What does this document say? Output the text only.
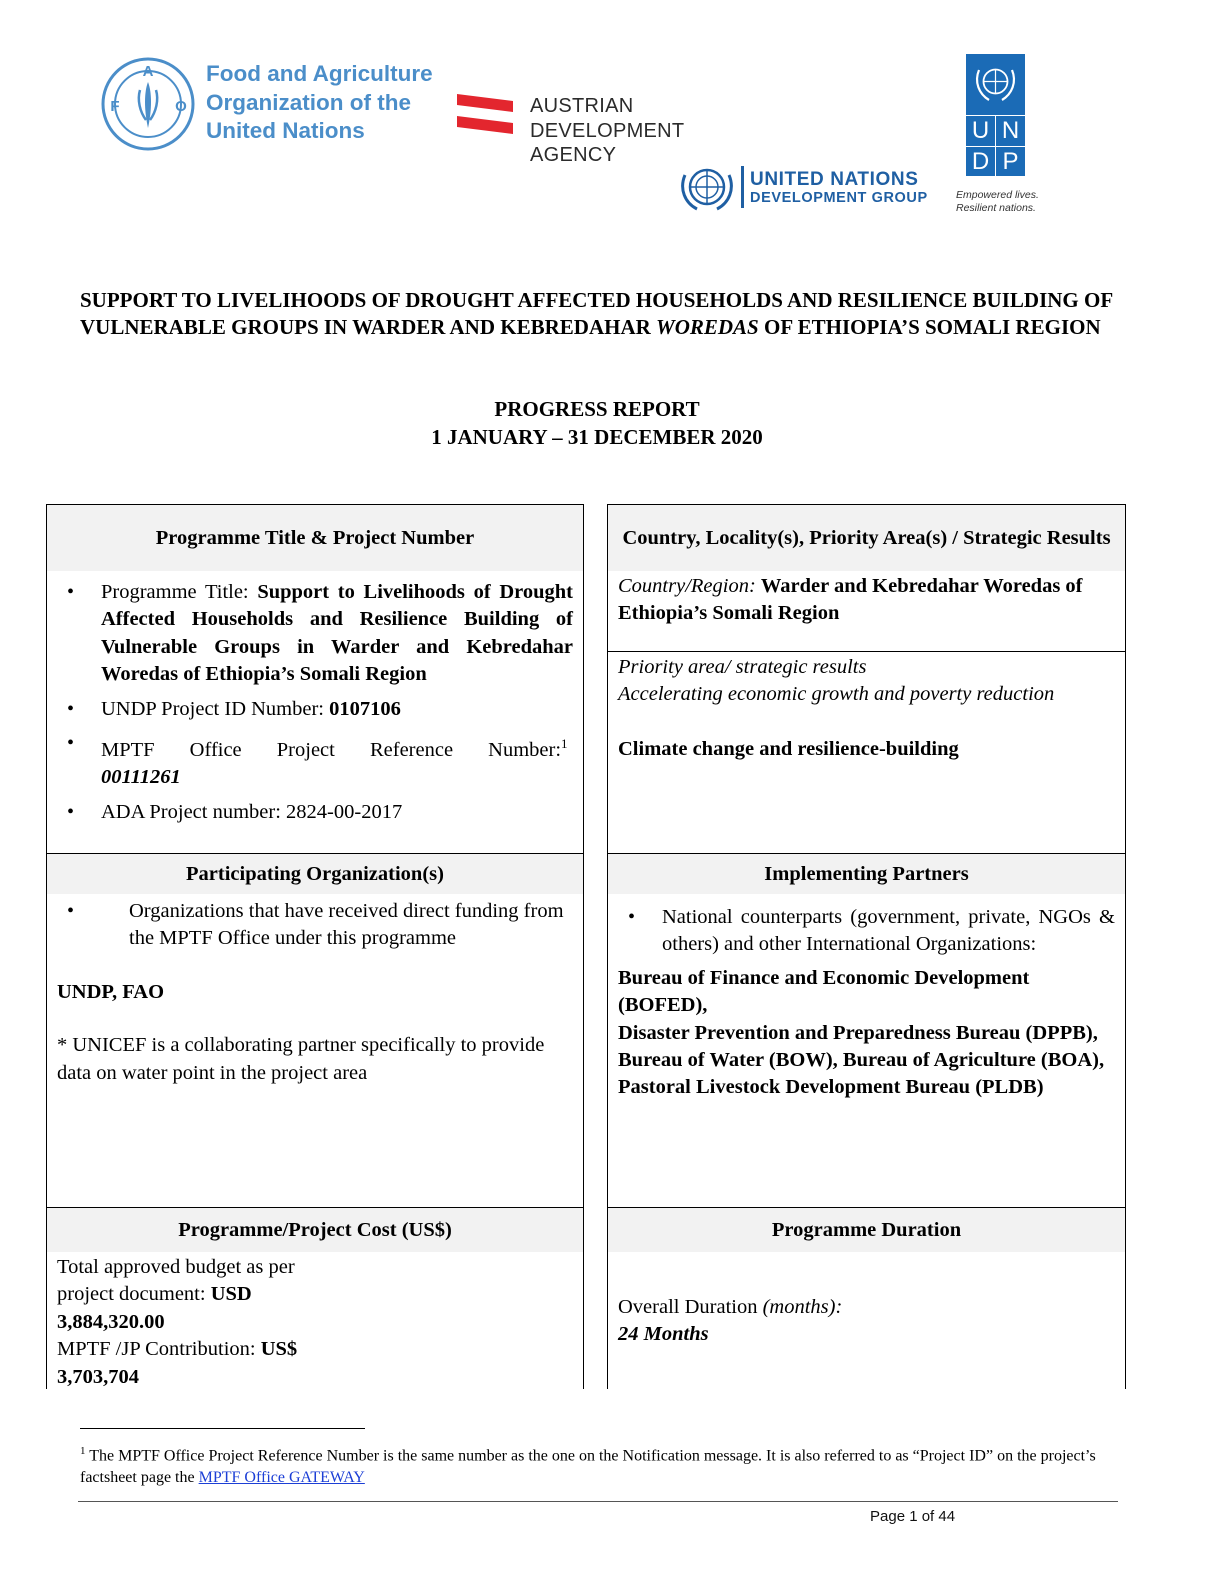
A
F	O
Food and Agriculture
Organization of the
United Nations
AUSTRIAN
DEVELOPMENT
AGENCY
UNITED NATIONS
DEVELOPMENT GROUP
U N
D P
Empowered lives.
Resilient nations.
SUPPORT TO LIVELIHOODS OF DROUGHT AFFECTED HOUSEHOLDS AND RESILIENCE BUILDING OF VULNERABLE GROUPS IN WARDER AND KEBREDAHAR WOREDAS OF ETHIOPIA’S SOMALI REGION
PROGRESS REPORT
1 JANUARY – 31 DECEMBER 2020
Programme Title & Project Number

• Programme Title: Support to Livelihoods of Drought Affected Households and Resilience Building of Vulnerable Groups in Warder and Kebredahar Woredas of Ethiopia’s Somali Region

• UNDP Project ID Number: 0107106

• MPTF Office Project Reference Number:$^1$
00111261

• ADA Project number: 2824-00-2017

Participating Organization(s)

• Organizations that have received direct funding from the MPTF Office under this programme

UNDP, FAO

* UNICEF is a collaborating partner specifically to provide data on water point in the project area

Programme/Project Cost (US$)
Total approved budget as per project document: USD 3,884,320.00
MPTF /JP Contribution: US$ 3,703,704
Country, Locality(s), Priority Area(s) / Strategic Results
Country/Region: Warder and Kebredahar Woredas of Ethiopia’s Somali Region
Priority area/ strategic results
Accelerating economic growth and poverty reduction
Climate change and resilience-building
Implementing Partners

• National counterparts (government, private, NGOs & others) and other International Organizations:

Bureau of Finance and Economic Development (BOFED),
Disaster Prevention and Preparedness Bureau (DPPB),
Bureau of Water (BOW), Bureau of Agriculture (BOA),
Pastoral Livestock Development Bureau (PLDB)
Programme Duration
Overall Duration (months):
24 Months
$^1$ The MPTF Office Project Reference Number is the same number as the one on the Notification message. It is also referred to as “Project ID” on the project’s factsheet page the MPTF Office GATEWAY
Page 1 of 44
